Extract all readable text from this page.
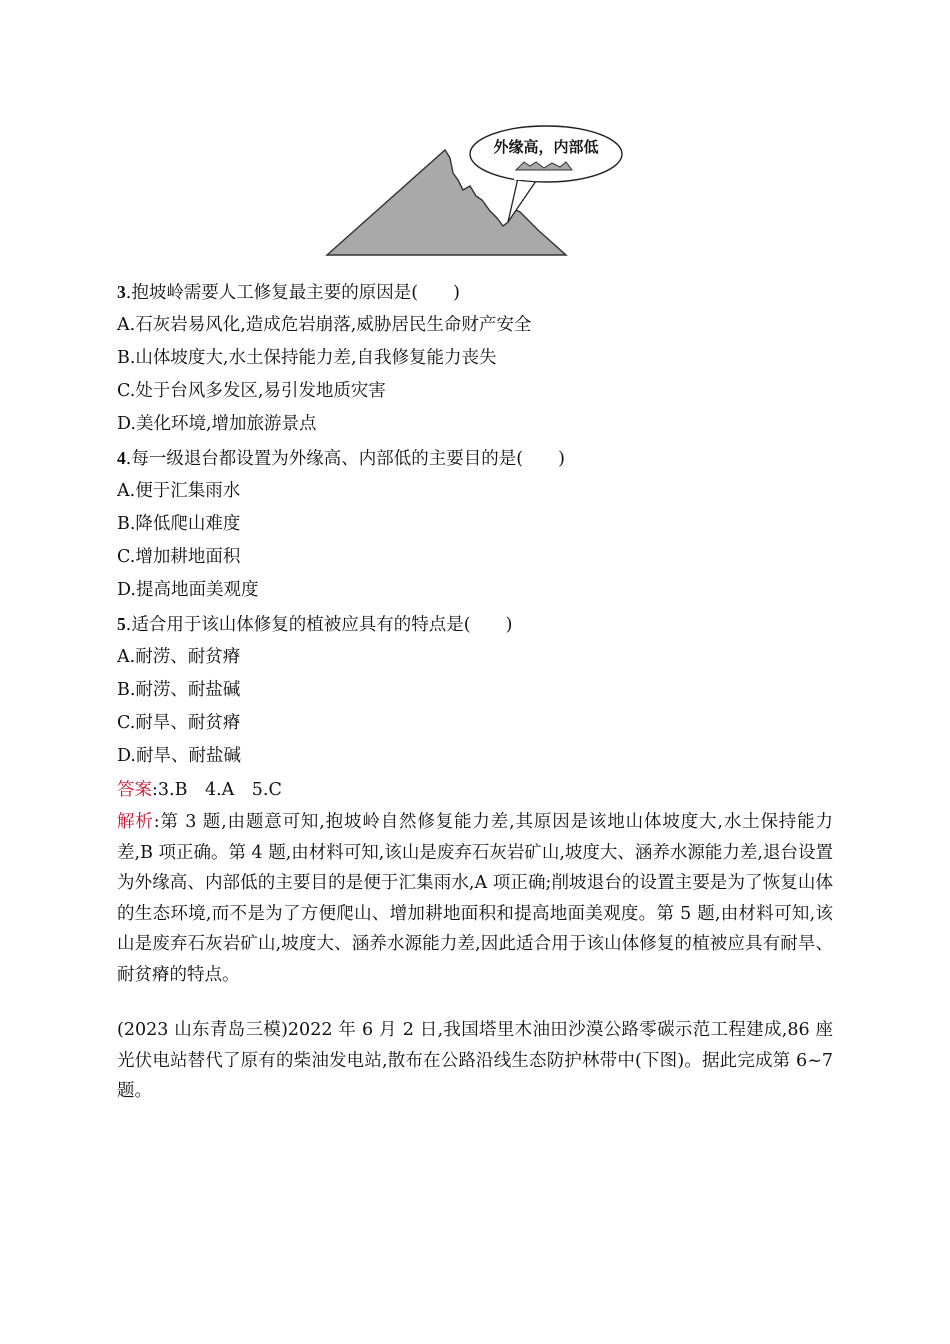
外缘高，内部低
3.抱坡岭需要人工修复最主要的原因是(　　)
A.石灰岩易风化,造成危岩崩落,威胁居民生命财产安全
B.山体坡度大,水土保持能力差,自我修复能力丧失
C.处于台风多发区,易引发地质灾害
D.美化环境,增加旅游景点
4.每一级退台都设置为外缘高、内部低的主要目的是(　　)
A.便于汇集雨水
B.降低爬山难度
C.增加耕地面积
D.提高地面美观度
5.适合用于该山体修复的植被应具有的特点是(　　)
A.耐涝、耐贫瘠
B.耐涝、耐盐碱
C.耐旱、耐贫瘠
D.耐旱、耐盐碱
答案:3.B　4.A　5.C
解析:第 3 题,由题意可知,抱坡岭自然修复能力差,其原因是该地山体坡度大,水土保持能力差,B 项正确。第 4 题,由材料可知,该山是废弃石灰岩矿山,坡度大、涵养水源能力差,退台设置为外缘高、内部低的主要目的是便于汇集雨水,A 项正确;削坡退台的设置主要是为了恢复山体的生态环境,而不是为了方便爬山、增加耕地面积和提高地面美观度。第 5 题,由材料可知,该山是废弃石灰岩矿山,坡度大、涵养水源能力差,因此适合用于该山体修复的植被应具有耐旱、耐贫瘠的特点。
(2023 山东青岛三模)2022 年 6 月 2 日,我国塔里木油田沙漠公路零碳示范工程建成,86 座光伏电站替代了原有的柴油发电站,散布在公路沿线生态防护林带中(下图)。据此完成第 6~7 题。
